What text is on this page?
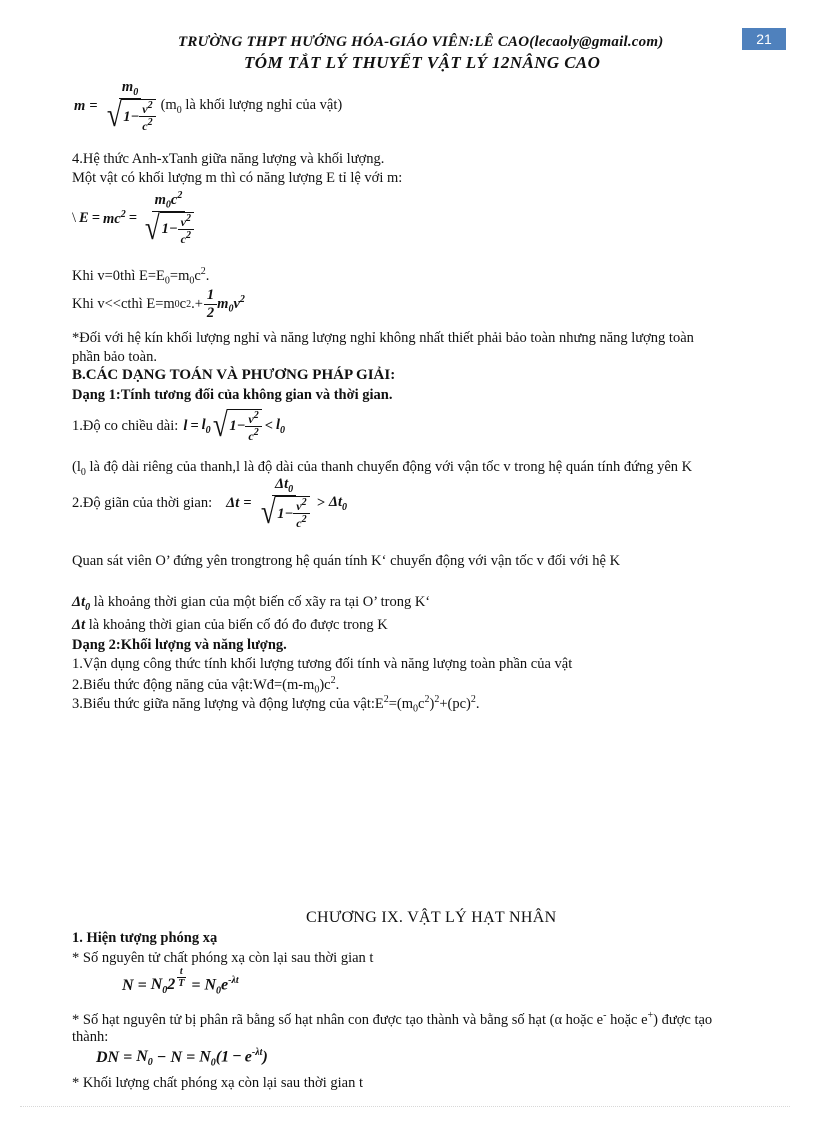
TRƯỜNG THPT HƯỚNG HÓA-GIÁO VIÊN:LÊ CAO(lecaoly@gmail.com)
TÓM TẮT LÝ THUYẾT VẬT LÝ 12NÂNG CAO
21
$m = \frac{m_0}{√ 1 - \frac{v^2}{c^2}} (m_0$ là khối lượng nghỉ của vật)
4.Hệ thức Anh-xTanh giữa năng lượng và khối lượng.
Một vật có khối lượng m thì có năng lượng E tỉ lệ với m:
\ $E = mc^2 = \frac{m_0c^2}{√ 1 - \frac{v^2}{c^2}}$
Khi v=0thì $E=E_0=m_0c^2$.
Khi v<<cthì E=m 0 c 2 .+ $\frac{1}{2} m_0v^2$
*Đối với hệ kín khối lượng nghỉ và năng lượng nghỉ không nhất thiết phải bảo toàn nhưng năng lượng toàn
phần bảo toàn.
B.CÁC DẠNG TOÁN VÀ PHƯƠNG PHÁP GIẢI:
Dạng 1:Tính tương đối của không gian và thời gian.
1.Độ co chiều dài: $l = l_0$ √ $1 - \frac{v^2}{c^2} < l_0$
($l_0$ là độ dài riêng của thanh,l là độ dài của thanh chuyển động với vận tốc v trong hệ quán tính đứng yên K
2.Độ giãn của thời gian: $\Delta t = \frac{\Delta t_0}{√ 1 - \frac{v^2}{c^2}} > \Delta t_0$
Quan sát viên O’ đứng yên trongtrong hệ quán tính K‘ chuyển động với vận tốc v đối với hệ K
$\Delta t_0$ là khoảng thời gian của một biến cố xãy ra tại O’ trong K‘
Δt là khoảng thời gian của biến cố đó đo được trong K
Dạng 2:Khối lượng và năng lượng.
1.Vận dụng công thức tính khối lượng tương đối tính và năng lượng toàn phần của vật
2.Biểu thức động năng của $vật:Wđ=(m-m_0)c^2$.
3.Biểu thức giữa năng lượng và động lượng của $vật:E^2=(m_0c^2)^2+(pc)^2$.
CHƯƠNG IX. VẬT LÝ HẠT NHÂN
1. Hiện tượng phóng xạ
* Số nguyên tử chất phóng xạ còn lại sau thời gian t
$N = N_02 \frac{t}{T} = N_0e^{-\lambda t}$
* Số hạt nguyên tử bị phân rã bằng số hạt nhân con được tạo thành và bằng số hạt (α hoặc e- hoặc e+) được tạo
thành:
DN = $N_0 - N = N_0(1 - e^{-\lambda t})$
* Khối lượng chất phóng xạ còn lại sau thời gian t
